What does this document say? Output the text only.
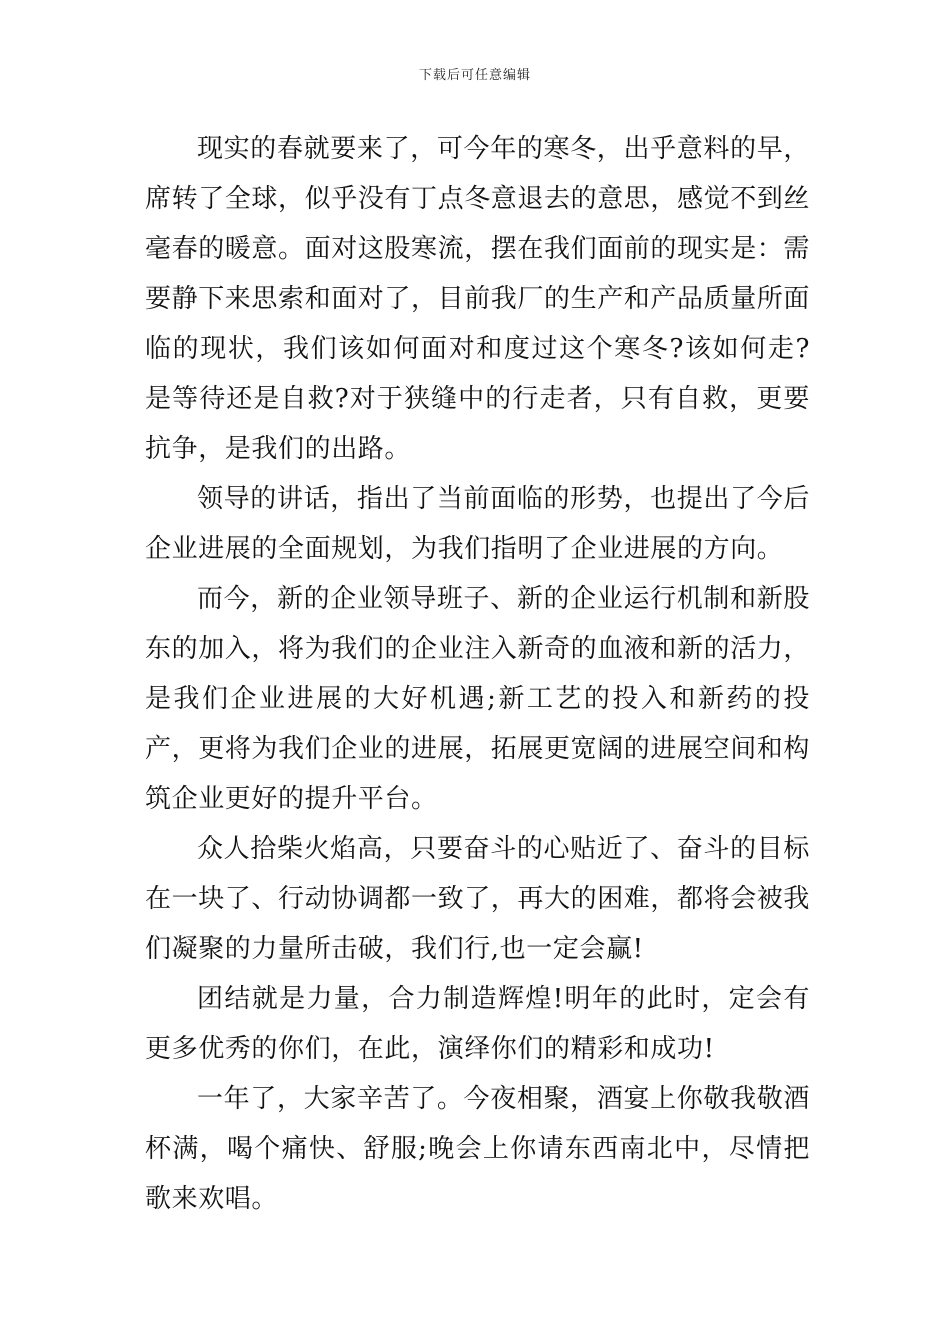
下载后可任意编辑

现实的春就要来了，可今年的寒冬，出乎意料的早，席转了全球，似乎没有丁点冬意退去的意思，感觉不到丝毫春的暖意。面对这股寒流，摆在我们面前的现实是：需要静下来思索和面对了，目前我厂的生产和产品质量所面临的现状，我们该如何面对和度过这个寒冬?该如何走?是等待还是自救?对于狭缝中的行走者，只有自救，更要抗争，是我们的出路。

领导的讲话，指出了当前面临的形势，也提出了今后企业进展的全面规划，为我们指明了企业进展的方向。

而今，新的企业领导班子、新的企业运行机制和新股东的加入，将为我们的企业注入新奇的血液和新的活力，是我们企业进展的大好机遇;新工艺的投入和新药的投产，更将为我们企业的进展，拓展更宽阔的进展空间和构筑企业更好的提升平台。

众人拾柴火焰高，只要奋斗的心贴近了、奋斗的目标在一块了、行动协调都一致了，再大的困难，都将会被我们凝聚的力量所击破，我们行,也一定会赢!

团结就是力量，合力制造辉煌!明年的此时，定会有更多优秀的你们，在此，演绎你们的精彩和成功!

一年了，大家辛苦了。今夜相聚，酒宴上你敬我敬酒杯满，喝个痛快、舒服;晚会上你请东西南北中，尽情把歌来欢唱。
